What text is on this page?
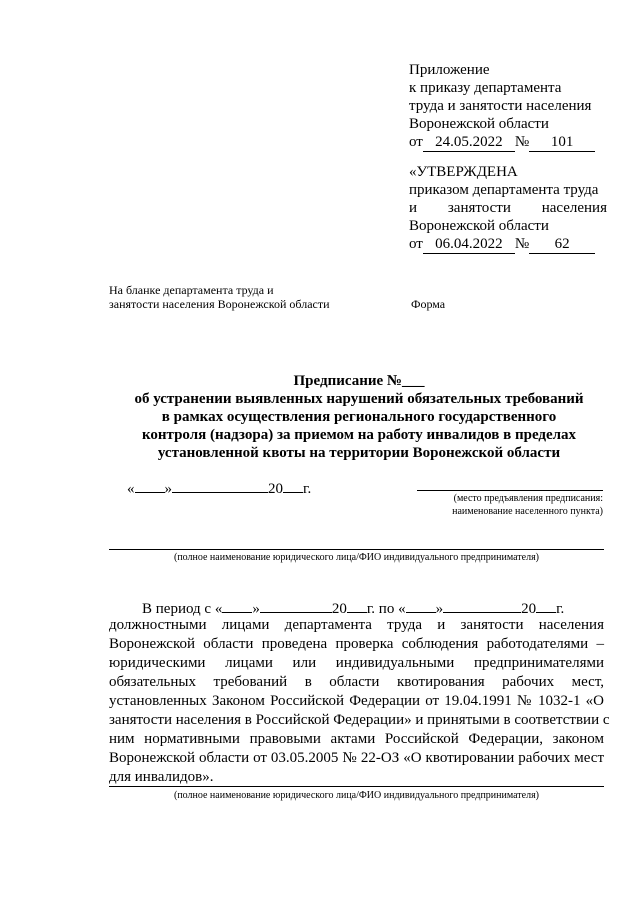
Приложение
к приказу департамента
труда и занятости населения
Воронежской области
от 24.05.2022 № 101
«УТВЕРЖДЕНА
приказом департамента труда
и занятости населения
Воронежской области
от 06.04.2022 № 62
На бланке департамента труда и
занятости населения Воронежской области	Форма
Предписание №___
об устранении выявленных нарушений обязательных требований
в рамках осуществления регионального государственного
контроля (надзора) за приемом на работу инвалидов в пределах
установленной квоты на территории Воронежской области
« »	20 г.
(место предъявления предписания:
наименование населенного пункта)
(полное наименование юридического лица/ФИО индивидуального предпринимателя)
В период с « »	20 г. по « »	20 г.
должностными лицами департамента труда и занятости населения
Воронежской области проведена проверка соблюдения работодателями –
юридическими лицами или индивидуальными предпринимателями
обязательных требований в области квотирования рабочих мест,
установленных Законом Российской Федерации от 19.04.1991 № 1032-1 «О
занятости населения в Российской Федерации» и принятыми в соответствии с
ним нормативными правовыми актами Российской Федерации, законом
Воронежской области от 03.05.2005 № 22-ОЗ «О квотировании рабочих мест
для инвалидов».
(полное наименование юридического лица/ФИО индивидуального предпринимателя)
